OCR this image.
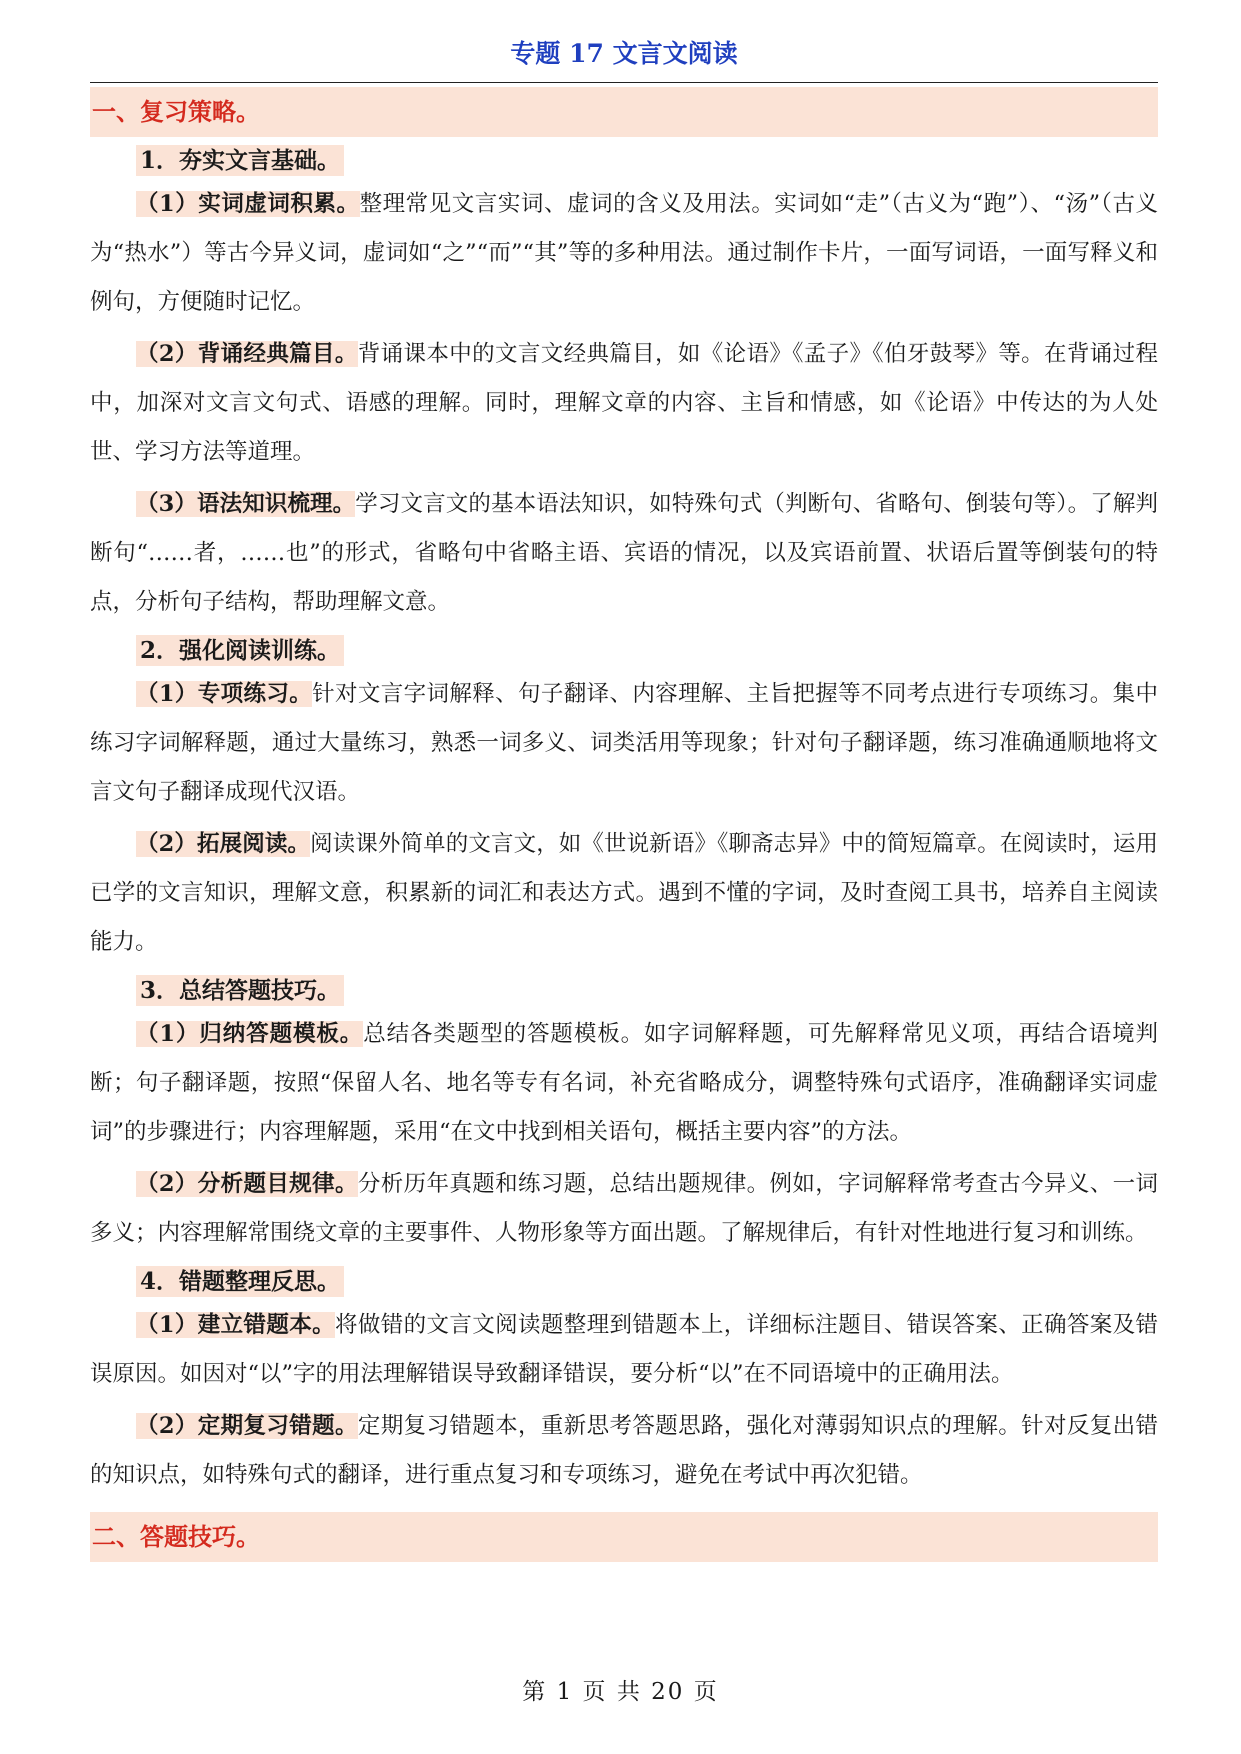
专题 17 文言文阅读
一、复习策略。
1．夯实文言基础。

（1）实词虚词积累。整理常见文言实词、虚词的含义及用法。实词如“走”（古义为“跑”）、“汤”（古义为“热水”）等古今异义词，虚词如“之”“而”“其”等的多种用法。通过制作卡片，一面写词语，一面写释义和例句，方便随时记忆。

（2）背诵经典篇目。背诵课本中的文言文经典篇目，如《论语》《孟子》《伯牙鼓琴》等。在背诵过程中，加深对文言文句式、语感的理解。同时，理解文章的内容、主旨和情感，如《论语》中传达的为人处世、学习方法等道理。

（3）语法知识梳理。学习文言文的基本语法知识，如特殊句式（判断句、省略句、倒装句等）。了解判断句“……者，……也”的形式，省略句中省略主语、宾语的情况，以及宾语前置、状语后置等倒装句的特点，分析句子结构，帮助理解文意。

2．强化阅读训练。

（1）专项练习。针对文言字词解释、句子翻译、内容理解、主旨把握等不同考点进行专项练习。集中练习字词解释题，通过大量练习，熟悉一词多义、词类活用等现象；针对句子翻译题，练习准确通顺地将文言文句子翻译成现代汉语。

（2）拓展阅读。阅读课外简单的文言文，如《世说新语》《聊斋志异》中的简短篇章。在阅读时，运用已学的文言知识，理解文意，积累新的词汇和表达方式。遇到不懂的字词，及时查阅工具书，培养自主阅读能力。

3．总结答题技巧。

（1）归纳答题模板。总结各类题型的答题模板。如字词解释题，可先解释常见义项，再结合语境判断；句子翻译题，按照“保留人名、地名等专有名词，补充省略成分，调整特殊句式语序，准确翻译实词虚词”的步骤进行；内容理解题，采用“在文中找到相关语句，概括主要内容”的方法。

（2）分析题目规律。分析历年真题和练习题，总结出题规律。例如，字词解释常考查古今异义、一词多义；内容理解常围绕文章的主要事件、人物形象等方面出题。了解规律后，有针对性地进行复习和训练。

4．错题整理反思。

（1）建立错题本。将做错的文言文阅读题整理到错题本上，详细标注题目、错误答案、正确答案及错误原因。如因对“以”字的用法理解错误导致翻译错误，要分析“以”在不同语境中的正确用法。

（2）定期复习错题。定期复习错题本，重新思考答题思路，强化对薄弱知识点的理解。针对反复出错的知识点，如特殊句式的翻译，进行重点复习和专项练习，避免在考试中再次犯错。

二、答题技巧。
第 1 页 共 20 页
